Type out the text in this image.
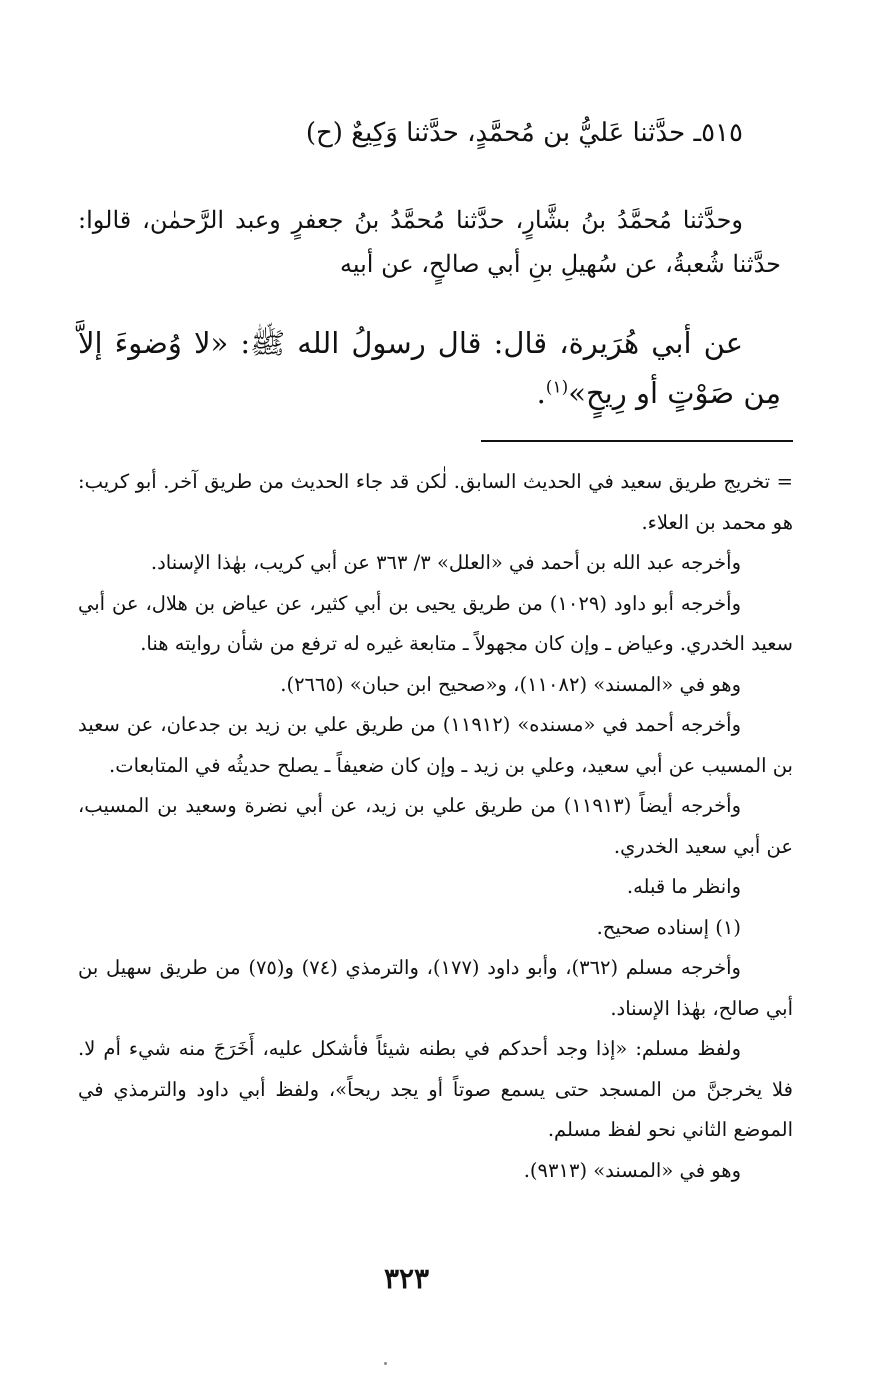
٥١٥ـ حدَّثنا عَليُّ بن مُحمَّدٍ، حدَّثنا وَكِيعٌ (ح)

وحدَّثنا مُحمَّدُ بنُ بشَّارٍ، حدَّثنا مُحمَّدُ بنُ جعفرٍ وعبد الرَّحمٰن، قالوا: حدَّثنا شُعبةُ، عن سُهيلِ بنِ أبي صالحٍ، عن أبيه

عن أبي هُرَيرة، قال: قال رسولُ الله ﷺ: «لا وُضوءَ إلاَّ مِن صَوْتٍ أو رِيحٍ»$^{(١)}$.

= تخريج طريق سعيد في الحديث السابق. لٰكن قد جاء الحديث من طريق آخر. أبو كريب: هو محمد بن العلاء.

وأخرجه عبد الله بن أحمد في «العلل» ٣/ ٣٦٣ عن أبي كريب، بهٰذا الإسناد.

وأخرجه أبو داود (١٠٢٩) من طريق يحيى بن أبي كثير، عن عياض بن هلال، عن أبي سعيد الخدري. وعياض ـ وإن كان مجهولاً ـ متابعة غيره له ترفع من شأن روايته هنا.

وهو في «المسند» (١١٠٨٢)، و«صحيح ابن حبان» (٢٦٦٥).

وأخرجه أحمد في «مسنده» (١١٩١٢) من طريق علي بن زيد بن جدعان، عن سعيد بن المسيب عن أبي سعيد، وعلي بن زيد ـ وإن كان ضعيفاً ـ يصلح حديثُه في المتابعات.

وأخرجه أيضاً (١١٩١٣) من طريق علي بن زيد، عن أبي نضرة وسعيد بن المسيب، عن أبي سعيد الخدري.

وانظر ما قبله.

(١) إسناده صحيح.

وأخرجه مسلم (٣٦٢)، وأبو داود (١٧٧)، والترمذي (٧٤) و(٧٥) من طريق سهيل بن أبي صالح، بهٰذا الإسناد.

ولفظ مسلم: «إذا وجد أحدكم في بطنه شيئاً فأشكل عليه، أَخَرَجَ منه شيء أم لا. فلا يخرجنَّ من المسجد حتى يسمع صوتاً أو يجد ريحاً»، ولفظ أبي داود والترمذي في الموضع الثاني نحو لفظ مسلم.

وهو في «المسند» (٩٣١٣).

٣٢٣
